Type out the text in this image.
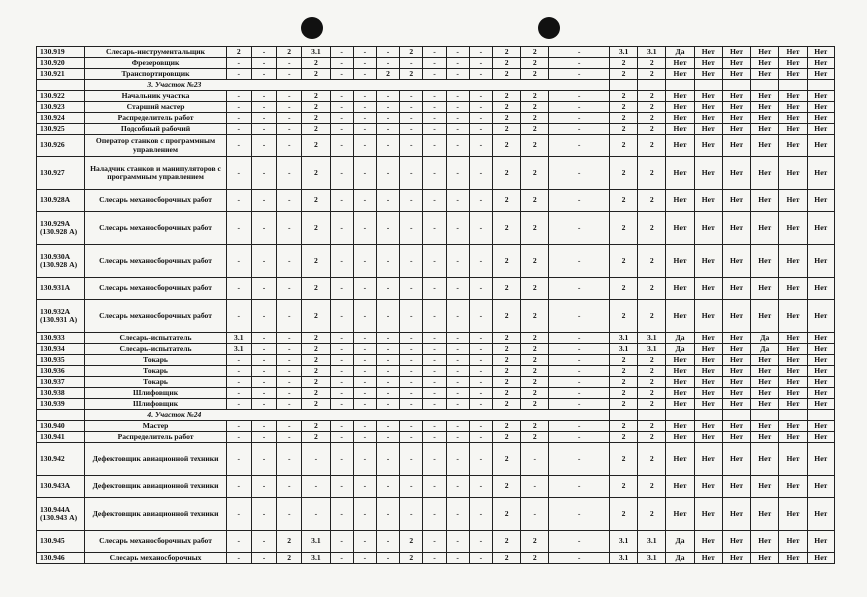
130.919	Слесарь-инструментальщик	2	-	2	3.1	-	-	-	2	-	-	-	2	2	-	3.1	3.1	Да	Нет	Нет	Нет	Нет	Нет
130.920	Фрезеровщик	-	-	-	2	-	-	-	-	-	-	-	2	2	-	2	2	Нет	Нет	Нет	Нет	Нет	Нет
130.921	Транспортировщик	-	-	-	2	-	-	2	2	-	-	-	2	2	-	2	2	Нет	Нет	Нет	Нет	Нет	Нет
	3. Участок №23																						
130.922	Начальник участка	-	-	-	2	-	-	-	-	-	-	-	2	2	-	2	2	Нет	Нет	Нет	Нет	Нет	Нет
130.923	Старший мастер	-	-	-	2	-	-	-	-	-	-	-	2	2	-	2	2	Нет	Нет	Нет	Нет	Нет	Нет
130.924	Распределитель работ	-	-	-	2	-	-	-	-	-	-	-	2	2	-	2	2	Нет	Нет	Нет	Нет	Нет	Нет
130.925	Подсобный рабочий	-	-	-	2	-	-	-	-	-	-	-	2	2	-	2	2	Нет	Нет	Нет	Нет	Нет	Нет
130.926	Оператор станков с программным управлением	-	-	-	2	-	-	-	-	-	-	-	2	2	-	2	2	Нет	Нет	Нет	Нет	Нет	Нет
130.927	Наладчик станков и манипуляторов с программным управлением	-	-	-	2	-	-	-	-	-	-	-	2	2	-	2	2	Нет	Нет	Нет	Нет	Нет	Нет
130.928А	Слесарь механосборочных работ	-	-	-	2	-	-	-	-	-	-	-	2	2	-	2	2	Нет	Нет	Нет	Нет	Нет	Нет
130.929А (130.928 А)	Слесарь механосборочных работ	-	-	-	2	-	-	-	-	-	-	-	2	2	-	2	2	Нет	Нет	Нет	Нет	Нет	Нет
130.930А (130.928 А)	Слесарь механосборочных работ	-	-	-	2	-	-	-	-	-	-	-	2	2	-	2	2	Нет	Нет	Нет	Нет	Нет	Нет
130.931А	Слесарь механосборочных работ	-	-	-	2	-	-	-	-	-	-	-	2	2	-	2	2	Нет	Нет	Нет	Нет	Нет	Нет
130.932А (130.931 А)	Слесарь механосборочных работ	-	-	-	2	-	-	-	-	-	-	-	2	2	-	2	2	Нет	Нет	Нет	Нет	Нет	Нет
130.933	Слесарь-испытатель	3.1	-	-	2	-	-	-	-	-	-	-	2	2	-	3.1	3.1	Да	Нет	Нет	Да	Нет	Нет
130.934	Слесарь-испытатель	3.1	-	-	2	-	-	-	-	-	-	-	2	2	-	3.1	3.1	Да	Нет	Нет	Да	Нет	Нет
130.935	Токарь	-	-	-	2	-	-	-	-	-	-	-	2	2	-	2	2	Нет	Нет	Нет	Нет	Нет	Нет
130.936	Токарь	-	-	-	2	-	-	-	-	-	-	-	2	2	-	2	2	Нет	Нет	Нет	Нет	Нет	Нет
130.937	Токарь	-	-	-	2	-	-	-	-	-	-	-	2	2	-	2	2	Нет	Нет	Нет	Нет	Нет	Нет
130.938	Шлифовщик	-	-	-	2	-	-	-	-	-	-	-	2	2	-	2	2	Нет	Нет	Нет	Нет	Нет	Нет
130.939	Шлифовщик	-	-	-	2	-	-	-	-	-	-	-	2	2	-	2	2	Нет	Нет	Нет	Нет	Нет	Нет
	4. Участок №24																						
130.940	Мастер	-	-	-	2	-	-	-	-	-	-	-	2	2	-	2	2	Нет	Нет	Нет	Нет	Нет	Нет
130.941	Распределитель работ	-	-	-	2	-	-	-	-	-	-	-	2	2	-	2	2	Нет	Нет	Нет	Нет	Нет	Нет
130.942	Дефектовщик авиационной техники	-	-	-	-	-	-	-	-	-	-	-	2	-	-	2	2	Нет	Нет	Нет	Нет	Нет	Нет
130.943А	Дефектовщик авиационной техники	-	-	-	-	-	-	-	-	-	-	-	2	-	-	2	2	Нет	Нет	Нет	Нет	Нет	Нет
130.944А (130.943 А)	Дефектовщик авиационной техники	-	-	-	-	-	-	-	-	-	-	-	2	-	-	2	2	Нет	Нет	Нет	Нет	Нет	Нет
130.945	Слесарь механосборочных работ	-	-	2	3.1	-	-	-	2	-	-	-	2	2	-	3.1	3.1	Да	Нет	Нет	Нет	Нет	Нет
130.946	Слесарь механосборочных	-	-	2	3.1	-	-	-	2	-	-	-	2	2	-	3.1	3.1	Да	Нет	Нет	Нет	Нет	Нет
